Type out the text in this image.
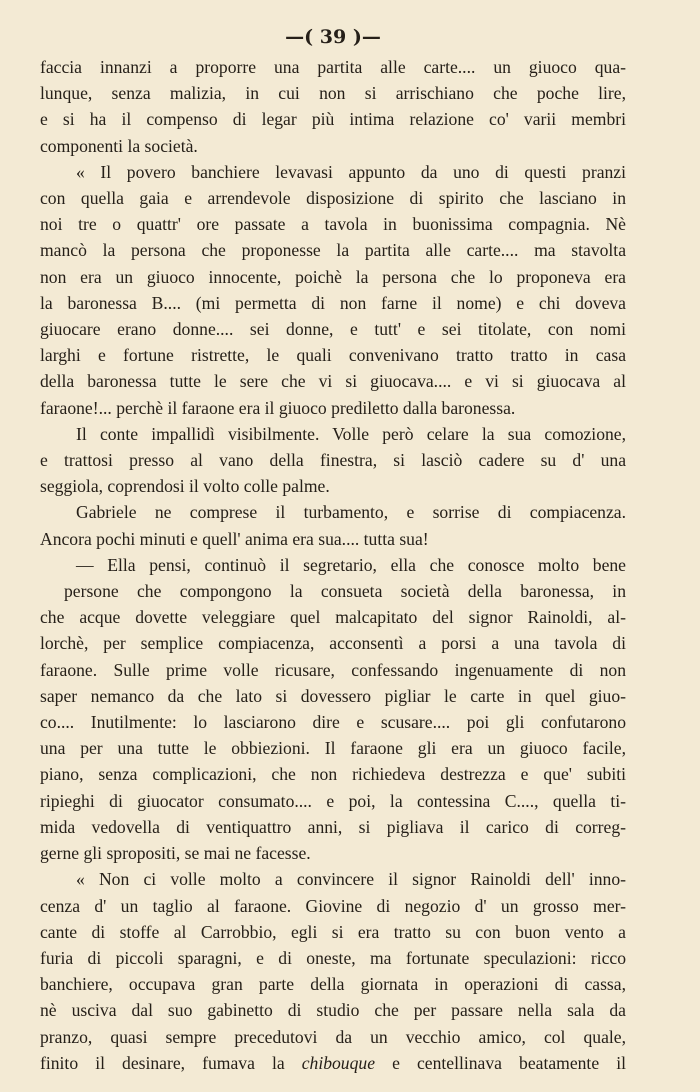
—( 39 )—
faccia innanzi a proporre una partita alle carte.... un giuoco qua-
lunque, senza malizia, in cui non si arrischiano che poche lire,
e si ha il compenso di legar più intima relazione co' varii membri
componenti la società.
« Il povero banchiere levavasi appunto da uno di questi pranzi
con quella gaia e arrendevole disposizione di spirito che lasciano in
noi tre o quattr' ore passate a tavola in buonissima compagnia. Nè
mancò la persona che proponesse la partita alle carte.... ma stavolta
non era un giuoco innocente, poichè la persona che lo proponeva era
la baronessa B.... (mi permetta di non farne il nome) e chi doveva
giuocare erano donne.... sei donne, e tutt' e sei titolate, con nomi
larghi e fortune ristrette, le quali convenivano tratto tratto in casa
della baronessa tutte le sere che vi si giuocava.... e vi si giuocava al
faraone!... perchè il faraone era il giuoco prediletto dalla baronessa.
Il conte impallidì visibilmente. Volle però celare la sua comozione,
e trattosi presso al vano della finestra, si lasciò cadere su d' una
seggiola, coprendosi il volto colle palme.
Gabriele ne comprese il turbamento, e sorrise di compiacenza.
Ancora pochi minuti e quell' anima era sua.... tutta sua!
— Ella pensi, continuò il segretario, ella che conosce molto bene
persone che compongono la consueta società della baronessa, in
che acque dovette veleggiare quel malcapitato del signor Rainoldi, al-
lorchè, per semplice compiacenza, acconsentì a porsi a una tavola di
faraone. Sulle prime volle ricusare, confessando ingenuamente di non
saper nemanco da che lato si dovessero pigliar le carte in quel giuo-
co.... Inutilmente: lo lasciarono dire e scusare.... poi gli confutarono
una per una tutte le obbiezioni. Il faraone gli era un giuoco facile,
piano, senza complicazioni, che non richiedeva destrezza e que' subiti
ripieghi di giuocator consumato.... e poi, la contessina C...., quella ti-
mida vedovella di ventiquattro anni, si pigliava il carico di correg-
gerne gli spropositi, se mai ne facesse.
« Non ci volle molto a convincere il signor Rainoldi dell' inno-
cenza d' un taglio al faraone. Giovine di negozio d' un grosso mer-
cante di stoffe al Carrobbio, egli si era tratto su con buon vento a
furia di piccoli sparagni, e di oneste, ma fortunate speculazioni: ricco
banchiere, occupava gran parte della giornata in operazioni di cassa,
nè usciva dal suo gabinetto di studio che per passare nella sala da
pranzo, quasi sempre precedutovi da un vecchio amico, col quale,
finito il desinare, fumava la chibouque e centellinava beatamente il
